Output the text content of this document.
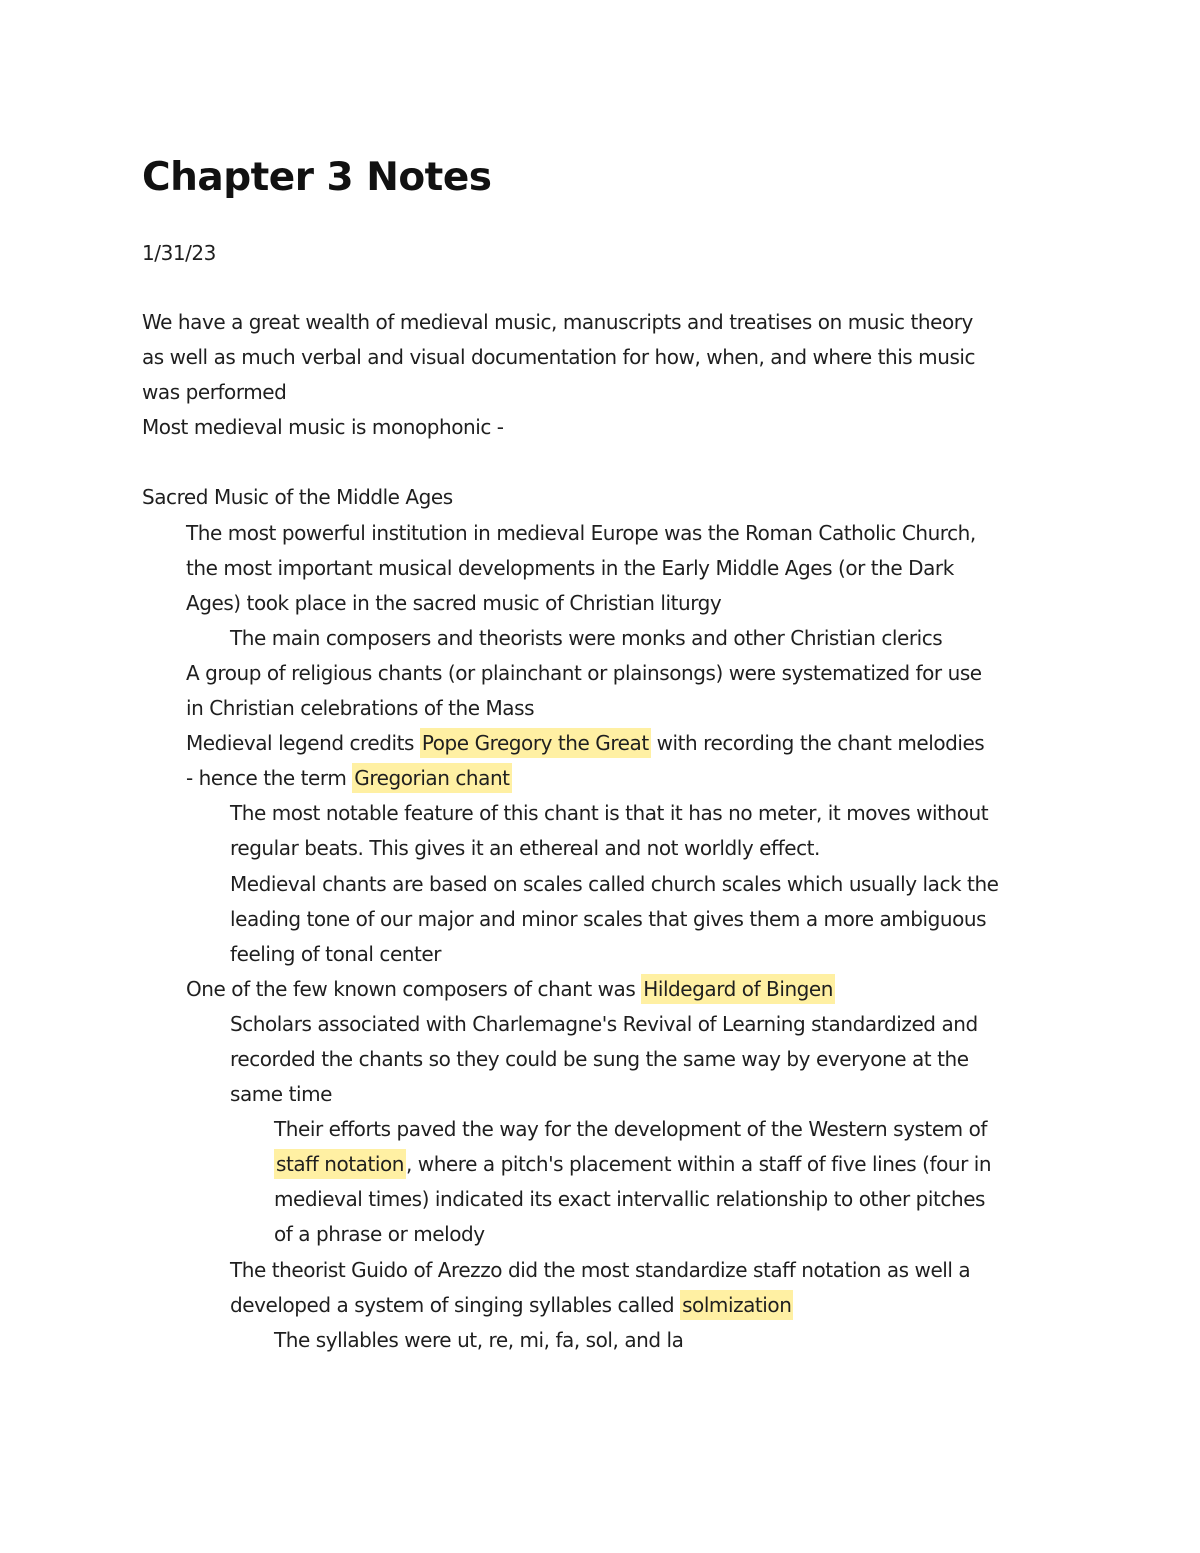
Chapter 3 Notes
1/31/23
We have a great wealth of medieval music, manuscripts and treatises on music theory
as well as much verbal and visual documentation for how, when, and where this music
was performed
Most medieval music is monophonic -
Sacred Music of the Middle Ages
The most powerful institution in medieval Europe was the Roman Catholic Church,
the most important musical developments in the Early Middle Ages (or the Dark
Ages) took place in the sacred music of Christian liturgy
The main composers and theorists were monks and other Christian clerics
A group of religious chants (or plainchant or plainsongs) were systematized for use
in Christian celebrations of the Mass
Medieval legend credits Pope Gregory the Great with recording the chant melodies
- hence the term Gregorian chant
The most notable feature of this chant is that it has no meter, it moves without
regular beats. This gives it an ethereal and not worldly effect.
Medieval chants are based on scales called church scales which usually lack the
leading tone of our major and minor scales that gives them a more ambiguous
feeling of tonal center
One of the few known composers of chant was Hildegard of Bingen
Scholars associated with Charlemagne's Revival of Learning standardized and
recorded the chants so they could be sung the same way by everyone at the
same time
Their efforts paved the way for the development of the Western system of
staff notation , where a pitch's placement within a staff of five lines (four in
medieval times) indicated its exact intervallic relationship to other pitches
of a phrase or melody
The theorist Guido of Arezzo did the most standardize staff notation as well a
developed a system of singing syllables called solmization
The syllables were ut, re, mi, fa, sol, and la
